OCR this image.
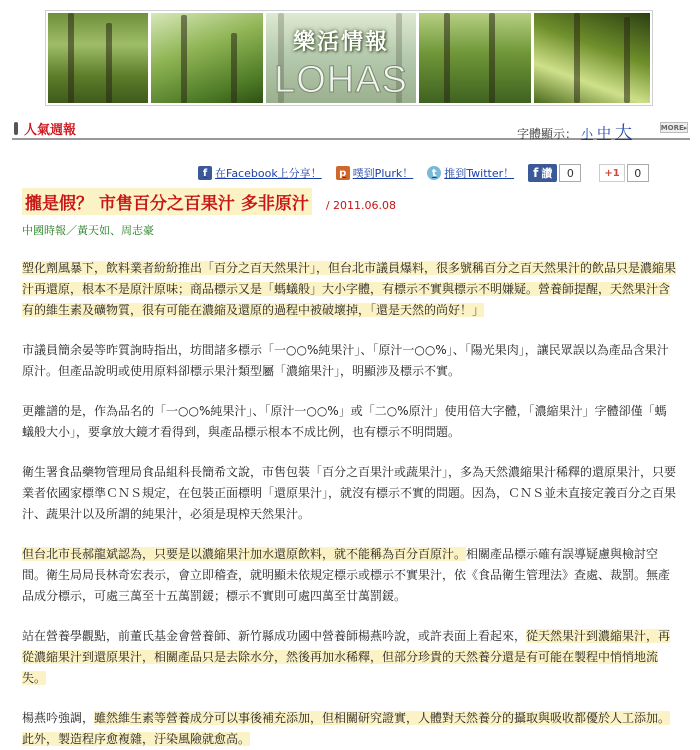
樂活情報
LOHAS
人氣週報	字體顯示： 小 中 大	MORE▸
f 在Facebook上分享！	p 噗到Plurk！	t 推到Twitter！ f 讚	0	+1	0
攏是假？ 市售百分之百果汁 多非原汁 / 2011.06.08
中國時報／黃天如、周志豪

塑化劑風暴下，飲料業者紛紛推出「百分之百天然果汁」，但台北市議員爆料，很多號稱百分之百天然果汁的飲品只是濃縮果汁再還原，根本不是原汁原味；商品標示又是「螞蟻般」大小字體，有標示不實與標示不明嫌疑。營養師提醒，天然果汁含有的維生素及礦物質，很有可能在濃縮及還原的過程中被破壞掉，「還是天然的尚好！」

市議員簡余晏等昨質詢時指出，坊間諸多標示「一○○%純果汁」、「原汁一○○%」、「陽光果肉」，讓民眾誤以為產品含果汁原汁。但產品說明或使用原料卻標示果汁類型屬「濃縮果汁」，明顯涉及標示不實。

更離譜的是，作為品名的「一○○%純果汁」、「原汁一○○%」或「二○%原汁」使用倍大字體，「濃縮果汁」字體卻僅「螞蟻般大小」，要拿放大鏡才看得到，與產品標示根本不成比例，也有標示不明問題。

衛生署食品藥物管理局食品組科長簡希文說，市售包裝「百分之百果汁或蔬果汁」，多為天然濃縮果汁稀釋的還原果汁，只要業者依國家標準ＣＮＳ規定，在包裝正面標明「還原果汁」，就沒有標示不實的問題。因為，ＣＮＳ並未直接定義百分之百果汁、蔬果汁以及所謂的純果汁，必須是現榨天然果汁。

但台北市長郝龍斌認為，只要是以濃縮果汁加水還原飲料，就不能稱為百分百原汁。相關產品標示確有誤導疑慮與檢討空間。衛生局局長林奇宏表示，會立即稽查，就明顯未依規定標示或標示不實果汁，依《食品衛生管理法》查處、裁罰。無產品成分標示，可處三萬至十五萬罰鍰；標示不實則可處四萬至廿萬罰鍰。

站在營養學觀點，前董氏基金會營養師、新竹縣成功國中營養師楊燕吟說，或許表面上看起來，從天然果汁到濃縮果汁，再從濃縮果汁到還原果汁，相關產品只是去除水分，然後再加水稀釋，但部分珍貴的天然養分還是有可能在製程中悄悄地流失。

楊燕吟強調，雖然維生素等營養成分可以事後補充添加，但相關研究證實，人體對天然養分的攝取與吸收都優於人工添加。此外，製造程序愈複雜，汙染風險就愈高。
